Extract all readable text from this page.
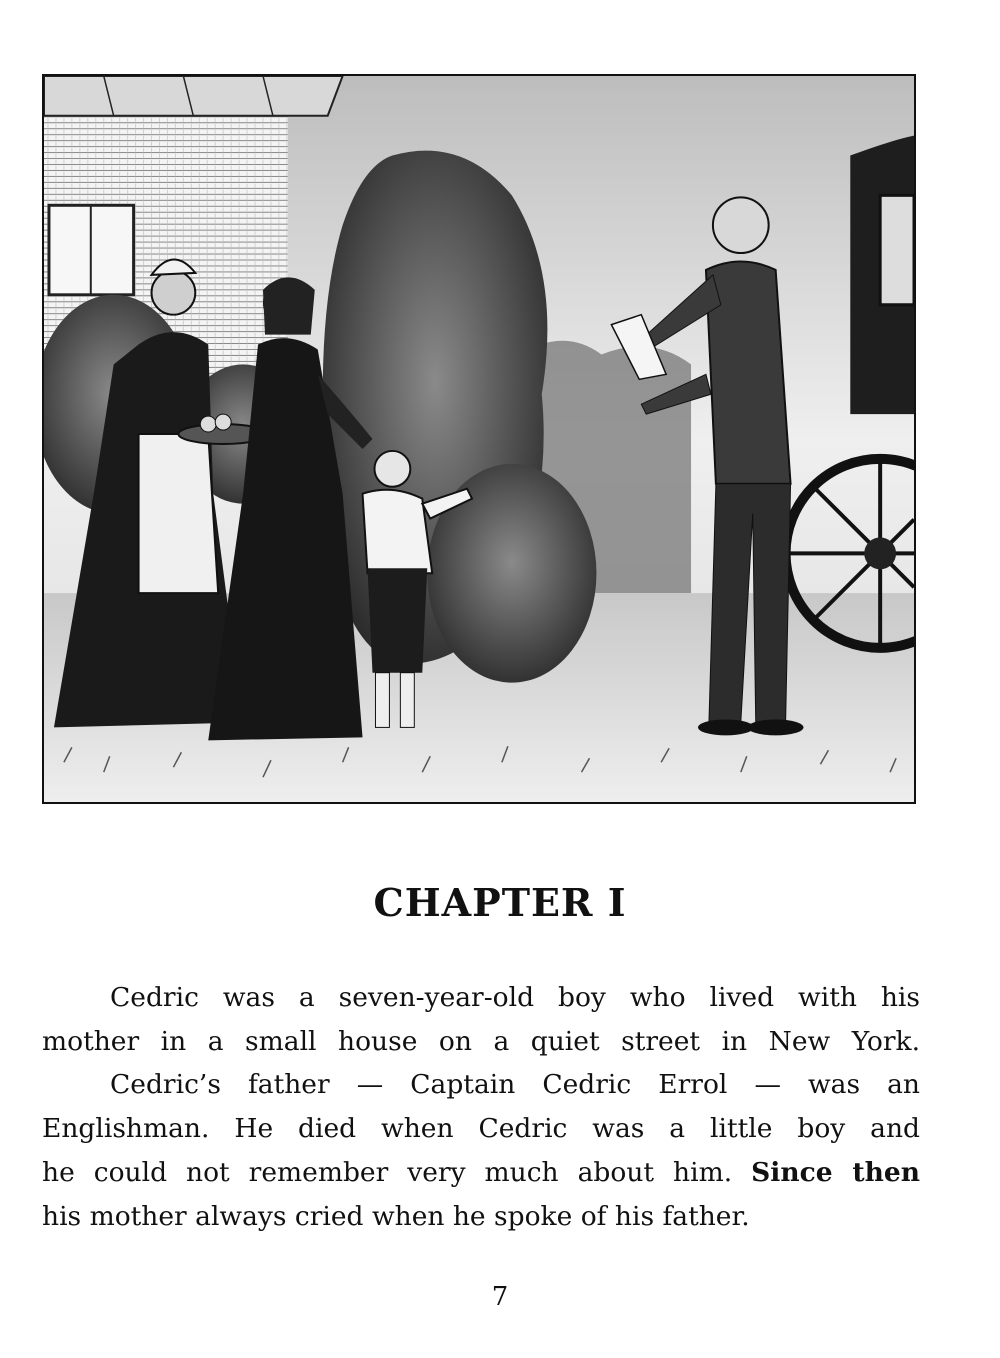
CHAPTER I
Cedric was a seven-year-old boy who lived with his
mother in a small house on a quiet street in New York.
Cedric’s father — Captain Cedric Errol — was an
Englishman. He died when Cedric was a little boy and
he could not remember very much about him. Since then
his mother always cried when he spoke of his father.
7
